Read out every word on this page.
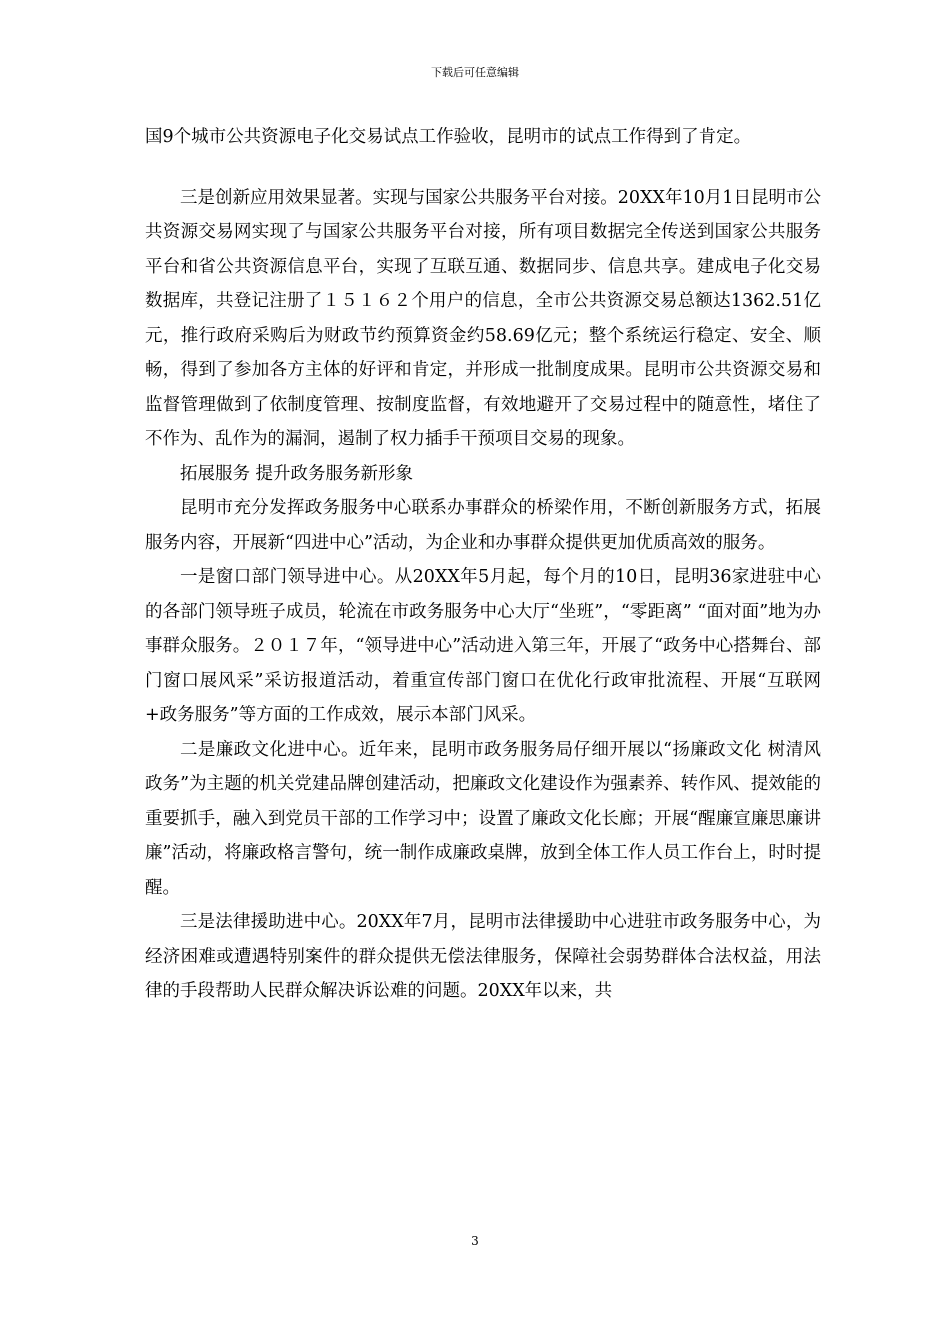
下载后可任意编辑

国9个城市公共资源电子化交易试点工作验收，昆明市的试点工作得到了肯定。

三是创新应用效果显著。实现与国家公共服务平台对接。20XX年10月1日昆明市公共资源交易网实现了与国家公共服务平台对接，所有项目数据完全传送到国家公共服务平台和省公共资源信息平台，实现了互联互通、数据同步、信息共享。建成电子化交易数据库，共登记注册了１５１６２个用户的信息，全市公共资源交易总额达1362.51亿元，推行政府采购后为财政节约预算资金约58.69亿元；整个系统运行稳定、安全、顺畅，得到了参加各方主体的好评和肯定，并形成一批制度成果。昆明市公共资源交易和监督管理做到了依制度管理、按制度监督，有效地避开了交易过程中的随意性，堵住了不作为、乱作为的漏洞，遏制了权力插手干预项目交易的现象。

拓展服务 提升政务服务新形象

昆明市充分发挥政务服务中心联系办事群众的桥梁作用，不断创新服务方式，拓展服务内容，开展新“四进中心”活动，为企业和办事群众提供更加优质高效的服务。

一是窗口部门领导进中心。从20XX年5月起，每个月的10日，昆明36家进驻中心的各部门领导班子成员，轮流在市政务服务中心大厅“坐班”，“零距离” “面对面”地为办事群众服务。２０１７年，“领导进中心”活动进入第三年，开展了“政务中心搭舞台、部门窗口展风采”采访报道活动，着重宣传部门窗口在优化行政审批流程、开展“互联网+政务服务”等方面的工作成效，展示本部门风采。

二是廉政文化进中心。近年来，昆明市政务服务局仔细开展以“扬廉政文化 树清风政务”为主题的机关党建品牌创建活动，把廉政文化建设作为强素养、转作风、提效能的重要抓手，融入到党员干部的工作学习中；设置了廉政文化长廊；开展“醒廉宣廉思廉讲廉”活动，将廉政格言警句，统一制作成廉政桌牌，放到全体工作人员工作台上，时时提醒。

三是法律援助进中心。20XX年7月，昆明市法律援助中心进驻市政务服务中心，为经济困难或遭遇特别案件的群众提供无偿法律服务，保障社会弱势群体合法权益，用法律的手段帮助人民群众解决诉讼难的问题。20XX年以来，共

3
